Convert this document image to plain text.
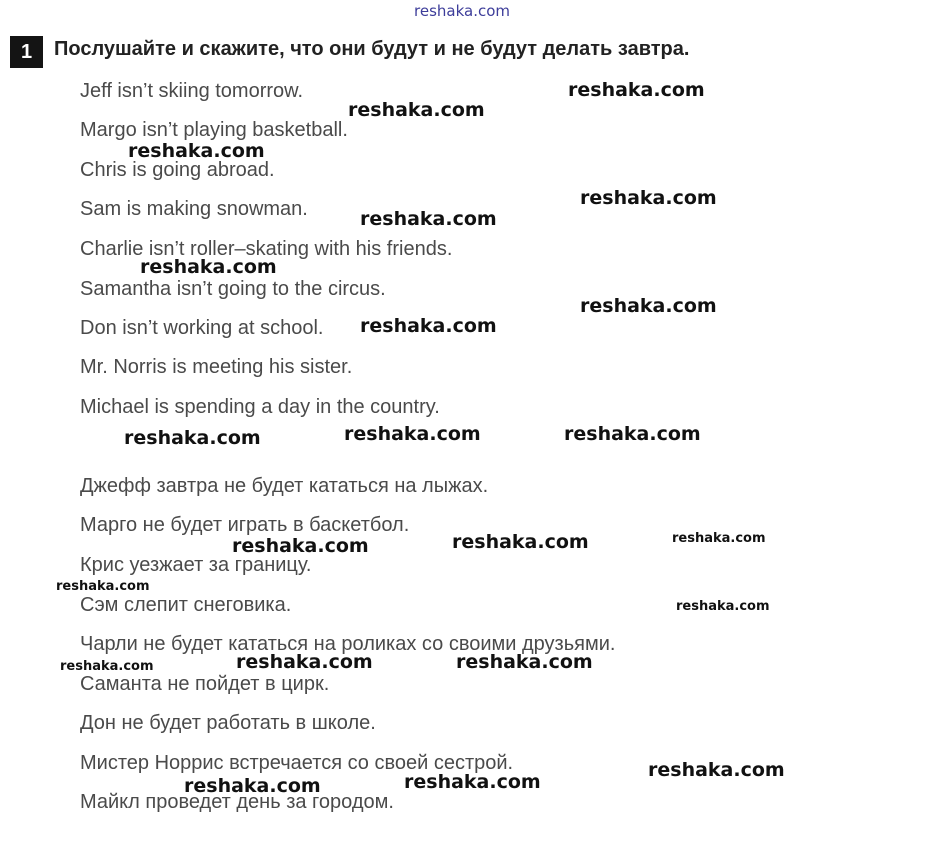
reshaka.com
1	Послушайте и скажите, что они будут и не будут делать завтра.
Jeff isn’t skiing tomorrow.
Margo isn’t playing basketball.
Chris is going abroad.
Sam is making snowman.
Charlie isn’t roller–skating with his friends.
Samantha isn’t going to the circus.
Don isn’t working at school.
Mr. Norris is meeting his sister.
Michael is spending a day in the country.
Джефф завтра не будет кататься на лыжах.
Марго не будет играть в баскетбол.
Крис уезжает за границу.
Сэм слепит снеговика.
Чарли не будет кататься на роликах со своими друзьями.
Саманта не пойдет в цирк.
Дон не будет работать в школе.
Мистер Норрис встречается со своей сестрой.
Майкл проведет день за городом.
reshaka.com
reshaka.com
reshaka.com
reshaka.com
reshaka.com
reshaka.com
reshaka.com
reshaka.com
reshaka.com	reshaka.com	reshaka.com
reshaka.com	reshaka.com	reshaka.com
reshaka.com
reshaka.com
reshaka.com	reshaka.com	reshaka.com
reshaka.com
reshaka.com	reshaka.com
